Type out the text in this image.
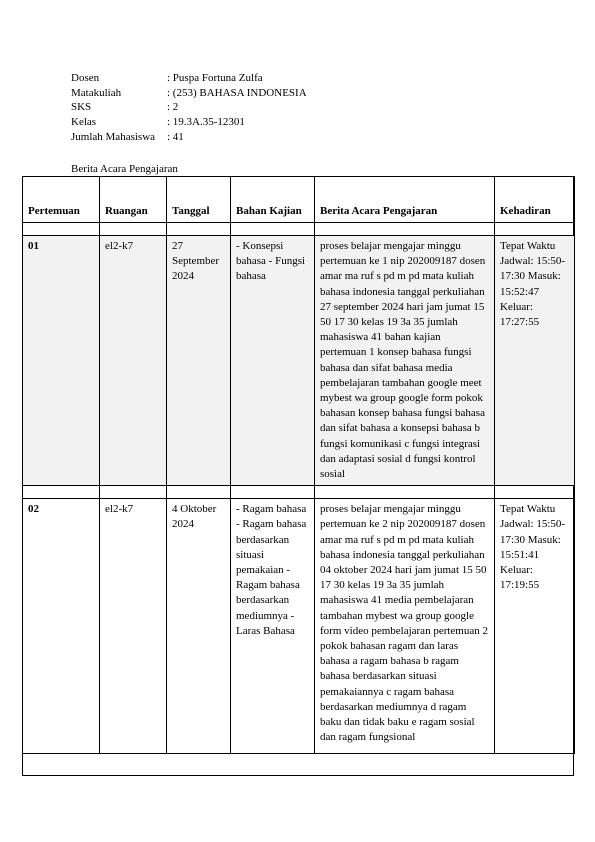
Dosen	: Puspa Fortuna Zulfa
Matakuliah	: (253) BAHASA INDONESIA
SKS	: 2
Kelas	: 19.3A.35-12301
Jumlah Mahasiswa	: 41
Berita Acara Pengajaran
Pertemuan	Ruangan	Tanggal	Bahan Kajian	Berita Acara Pengajaran	Kehadiran

01	el2-k7	27 September 2024	- Konsepsi bahasa - Fungsi bahasa	proses belajar mengajar minggu pertemuan ke 1 nip 202009187 dosen amar ma ruf s pd m pd mata kuliah bahasa indonesia tanggal perkuliahan 27 september 2024 hari jam jumat 15 50 17 30 kelas 19 3a 35 jumlah mahasiswa 41 bahan kajian pertemuan 1 konsep bahasa fungsi bahasa dan sifat bahasa media pembelajaran tambahan google meet mybest wa group google form pokok bahasan konsep bahasa fungsi bahasa dan sifat bahasa a konsepsi bahasa b fungsi komunikasi c fungsi integrasi dan adaptasi sosial d fungsi kontrol sosial	Tepat Waktu Jadwal: 15:50-17:30 Masuk: 15:52:47 Keluar: 17:27:55

02	el2-k7	4 Oktober 2024	- Ragam bahasa - Ragam bahasa berdasarkan situasi pemakaian - Ragam bahasa berdasarkan mediumnya - Laras Bahasa	proses belajar mengajar minggu pertemuan ke 2 nip 202009187 dosen amar ma ruf s pd m pd mata kuliah bahasa indonesia tanggal perkuliahan 04 oktober 2024 hari jam jumat 15 50 17 30 kelas 19 3a 35 jumlah mahasiswa 41 media pembelajaran tambahan mybest wa group google form video pembelajaran pertemuan 2 pokok bahasan ragam dan laras bahasa a ragam bahasa b ragam bahasa berdasarkan situasi pemakaiannya c ragam bahasa berdasarkan mediumnya d ragam baku dan tidak baku e ragam sosial dan ragam fungsional	Tepat Waktu Jadwal: 15:50-17:30 Masuk: 15:51:41 Keluar: 17:19:55
